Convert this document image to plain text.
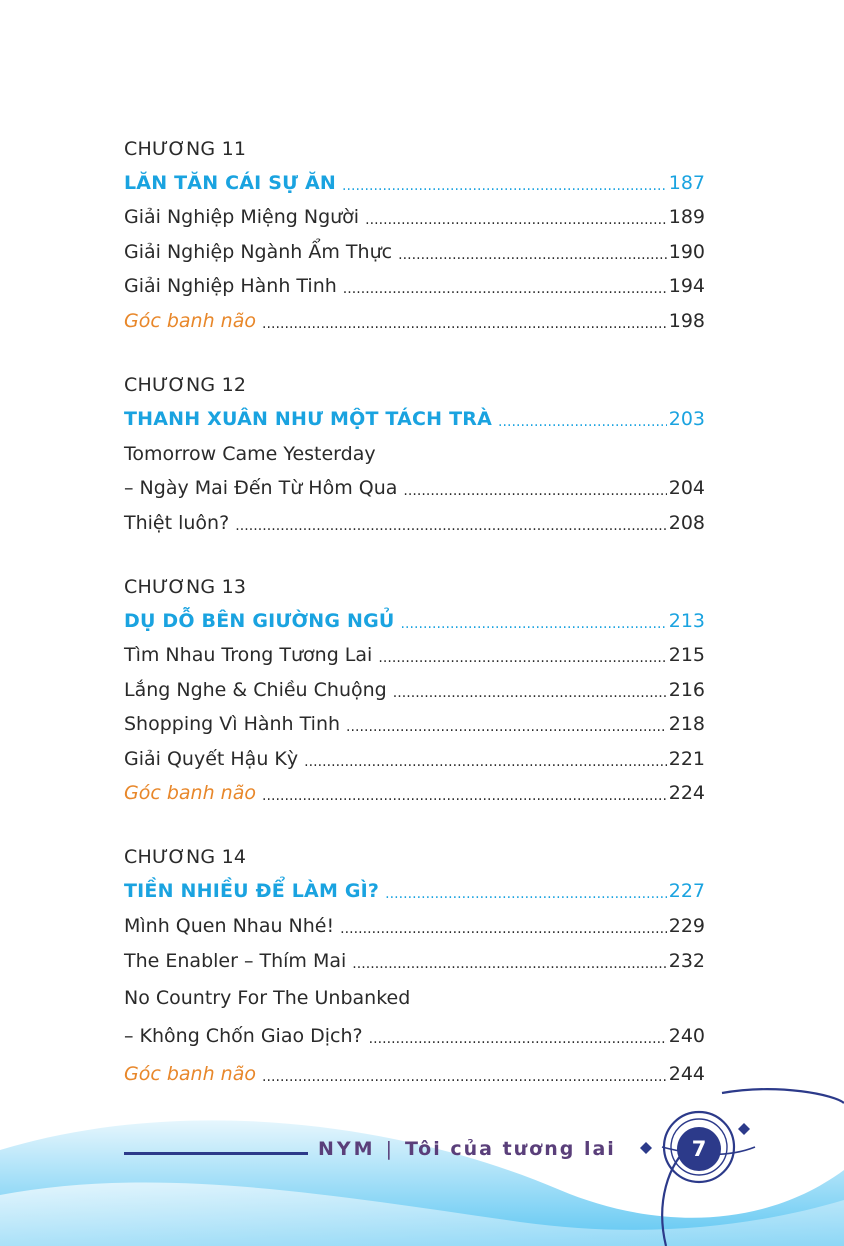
CHƯƠNG 11
LĂN TĂN CÁI SỰ ĂN . . .	187
Giải Nghiệp Miệng Người . . .	189
Giải Nghiệp Ngành Ẩm Thực . . .	190
Giải Nghiệp Hành Tinh . . .	194
Góc banh não . . .	198
CHƯƠNG 12
THANH XUÂN NHƯ MỘT TÁCH TRÀ . . .	203
Tomorrow Came Yesterday
– Ngày Mai Đến Từ Hôm Qua . . .	204
Thiệt luôn? . . .	208
CHƯƠNG 13
DỤ DỖ BÊN GIƯỜNG NGỦ . . .	213
Tìm Nhau Trong Tương Lai . . .	215
Lắng Nghe & Chiều Chuộng . . .	216
Shopping Vì Hành Tinh . . .	218
Giải Quyết Hậu Kỳ . . .	221
Góc banh não . . .	224
CHƯƠNG 14
TIỀN NHIỀU ĐỂ LÀM GÌ? . . .	227
Mình Quen Nhau Nhé! . . .	229
The Enabler – Thím Mai . . .	232
No Country For The Unbanked
– Không Chốn Giao Dịch? . . .	240
Góc banh não . . .	244
NYM | Tôi của tương lai	7
